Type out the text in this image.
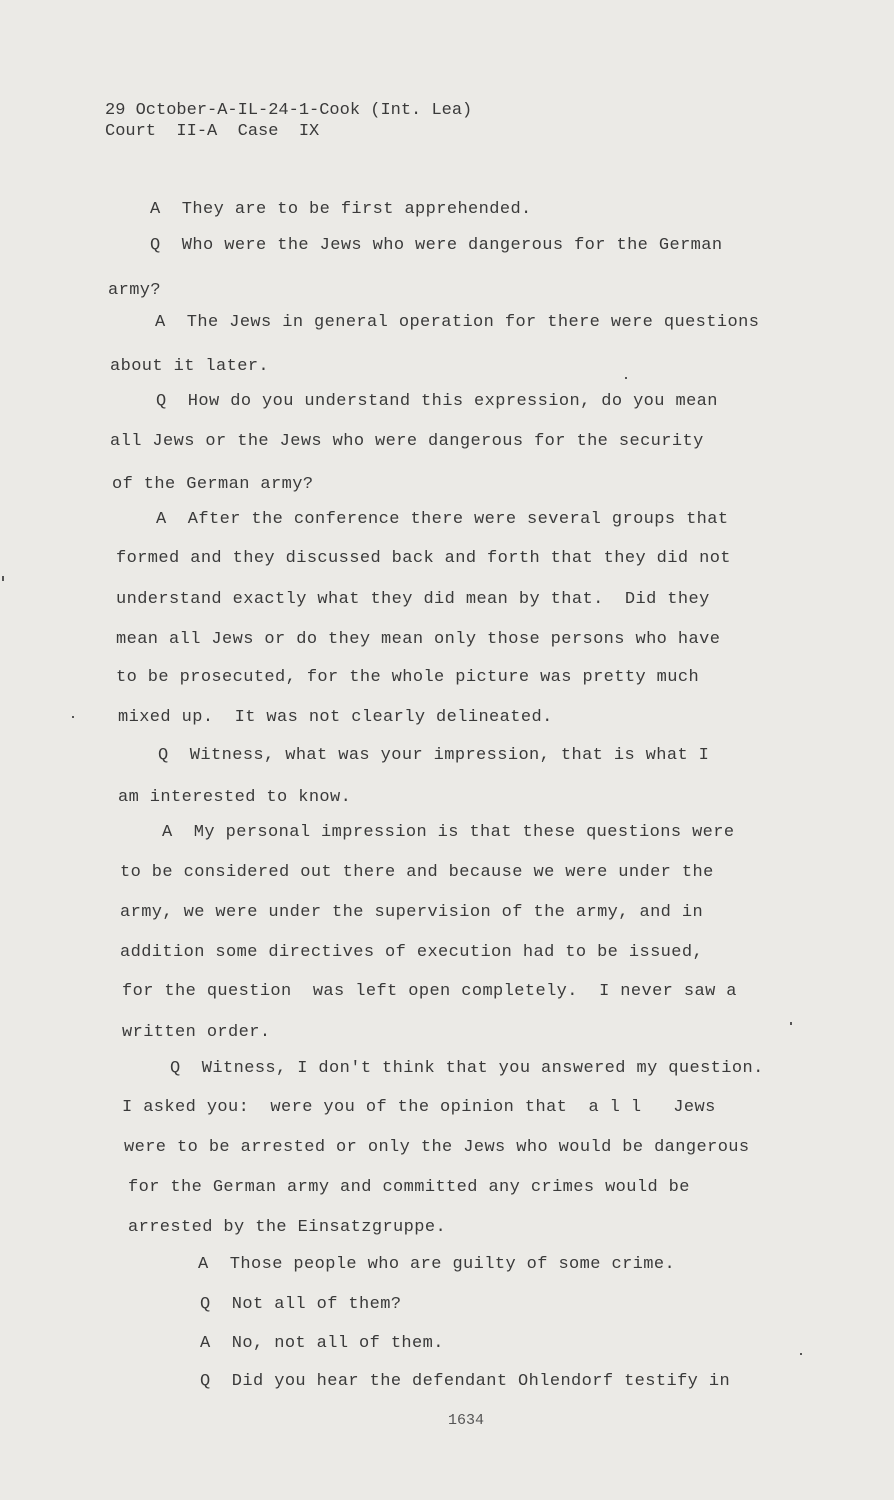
29 October-A-IL-24-1-Cook (Int. Lea)
Court  II-A  Case  IX
A  They are to be first apprehended.
Q  Who were the Jews who were dangerous for the German
army?
A  The Jews in general operation for there were questions
about it later.
Q  How do you understand this expression, do you mean
all Jews or the Jews who were dangerous for the security
of the German army?
A  After the conference there were several groups that
formed and they discussed back and forth that they did not
understand exactly what they did mean by that.  Did they
mean all Jews or do they mean only those persons who have
to be prosecuted, for the whole picture was pretty much
mixed up.  It was not clearly delineated.
Q  Witness, what was your impression, that is what I
am interested to know.
A  My personal impression is that these questions were
to be considered out there and because we were under the
army, we were under the supervision of the army, and in
addition some directives of execution had to be issued,
for the question  was left open completely.  I never saw a
written order.
Q  Witness, I don't think that you answered my question.
I asked you:  were you of the opinion that  a l l   Jews
were to be arrested or only the Jews who would be dangerous
for the German army and committed any crimes would be
arrested by the Einsatzgruppe.
A  Those people who are guilty of some crime.
Q  Not all of them?
A  No, not all of them.
Q  Did you hear the defendant Ohlendorf testify in
1634
